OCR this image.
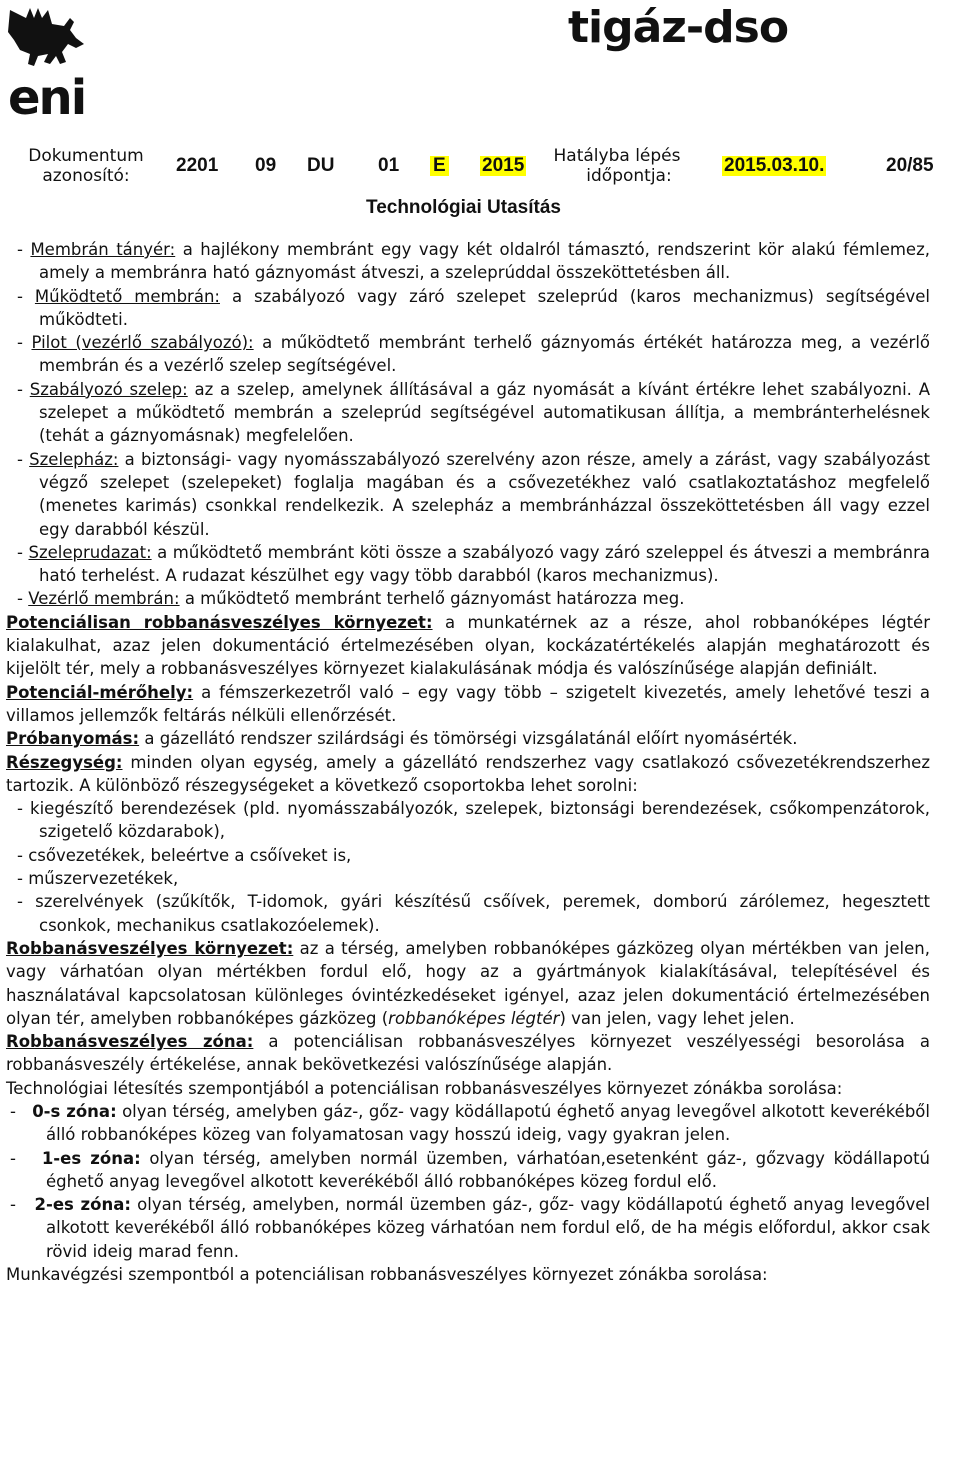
eni
tigáz-dso
Dokumentum
azonosító:	2201 09 DU 01 E 2015	Hatályba lépés
időpontja:	2015.03.10.	20/85
Technológiai Utasítás

- Membrán tányér: a hajlékony membránt egy vagy két oldalról támasztó, rendszerint kör alakú fémlemez, amely a membránra ható gáznyomást átveszi, a szeleprúddal összeköttetésben áll.

- Működtető membrán: a szabályozó vagy záró szelepet szeleprúd (karos mechanizmus) segítségével működteti.

- Pilot (vezérlő szabályozó): a működtető membránt terhelő gáznyomás értékét határozza meg, a vezérlő membrán és a vezérlő szelep segítségével.

- Szabályozó szelep: az a szelep, amelynek állításával a gáz nyomását a kívánt értékre lehet szabályozni. A szelepet a működtető membrán a szeleprúd segítségével automatikusan állítja, a membránterhelésnek (tehát a gáznyomásnak) megfelelően.

- Szelepház: a biztonsági- vagy nyomásszabályozó szerelvény azon része, amely a zárást, vagy szabályozást végző szelepet (szelepeket) foglalja magában és a csővezetékhez való csatlakoztatáshoz megfelelő (menetes karimás) csonkkal rendelkezik. A szelepház a membránházzal összeköttetésben áll vagy ezzel egy darabból készül.

- Szeleprudazat: a működtető membránt köti össze a szabályozó vagy záró szeleppel és átveszi a membránra ható terhelést. A rudazat készülhet egy vagy több darabból (karos mechanizmus).

- Vezérlő membrán: a működtető membránt terhelő gáznyomást határozza meg.

Potenciálisan robbanásveszélyes környezet: a munkatérnek az a része, ahol robbanóképes légtér kialakulhat, azaz jelen dokumentáció értelmezésében olyan, kockázatértékelés alapján meghatározott és kijelölt tér, mely a robbanásveszélyes környezet kialakulásának módja és valószínűsége alapján definiált.

Potenciál-mérőhely: a fémszerkezetről való – egy vagy több – szigetelt kivezetés, amely lehetővé teszi a villamos jellemzők feltárás nélküli ellenőrzését.

Próbanyomás: a gázellátó rendszer szilárdsági és tömörségi vizsgálatánál előírt nyomásérték.

Részegység: minden olyan egység, amely a gázellátó rendszerhez vagy csatlakozó csővezetékrendszerhez tartozik. A különböző részegységeket a következő csoportokba lehet sorolni:

- kiegészítő berendezések (pld. nyomásszabályozók, szelepek, biztonsági berendezések, csőkompenzátorok, szigetelő közdarabok),

- csővezetékek, beleértve a csőíveket is,

- műszervezetékek,

- szerelvények (szűkítők, T-idomok, gyári készítésű csőívek, peremek, domború zárólemez, hegesztett csonkok, mechanikus csatlakozóelemek).

Robbanásveszélyes környezet: az a térség, amelyben robbanóképes gázközeg olyan mértékben van jelen, vagy várhatóan olyan mértékben fordul elő, hogy az a gyártmányok kialakításával, telepítésével és használatával kapcsolatosan különleges óvintézkedéseket igényel, azaz jelen dokumentáció értelmezésében olyan tér, amelyben robbanóképes gázközeg (robbanóképes légtér) van jelen, vagy lehet jelen.

Robbanásveszélyes zóna: a potenciálisan robbanásveszélyes környezet veszélyességi besorolása a robbanásveszély értékelése, annak bekövetkezési valószínűsége alapján.

Technológiai létesítés szempontjából a potenciálisan robbanásveszélyes környezet zónákba sorolása:

-   0-s zóna: olyan térség, amelyben gáz-, gőz- vagy ködállapotú éghető anyag levegővel alkotott keverékéből álló robbanóképes közeg van folyamatosan vagy hosszú ideig, vagy gyakran jelen.

-   1-es zóna: olyan térség, amelyben normál üzemben, várhatóan,esetenként gáz-, gőzvagy ködállapotú éghető anyag levegővel alkotott keverékéből álló robbanóképes közeg fordul elő.

-   2-es zóna: olyan térség, amelyben, normál üzemben gáz-, gőz- vagy ködállapotú éghető anyag levegővel alkotott keverékéből álló robbanóképes közeg várhatóan nem fordul elő, de ha mégis előfordul, akkor csak rövid ideig marad fenn.

Munkavégzési szempontból a potenciálisan robbanásveszélyes környezet zónákba sorolása:
